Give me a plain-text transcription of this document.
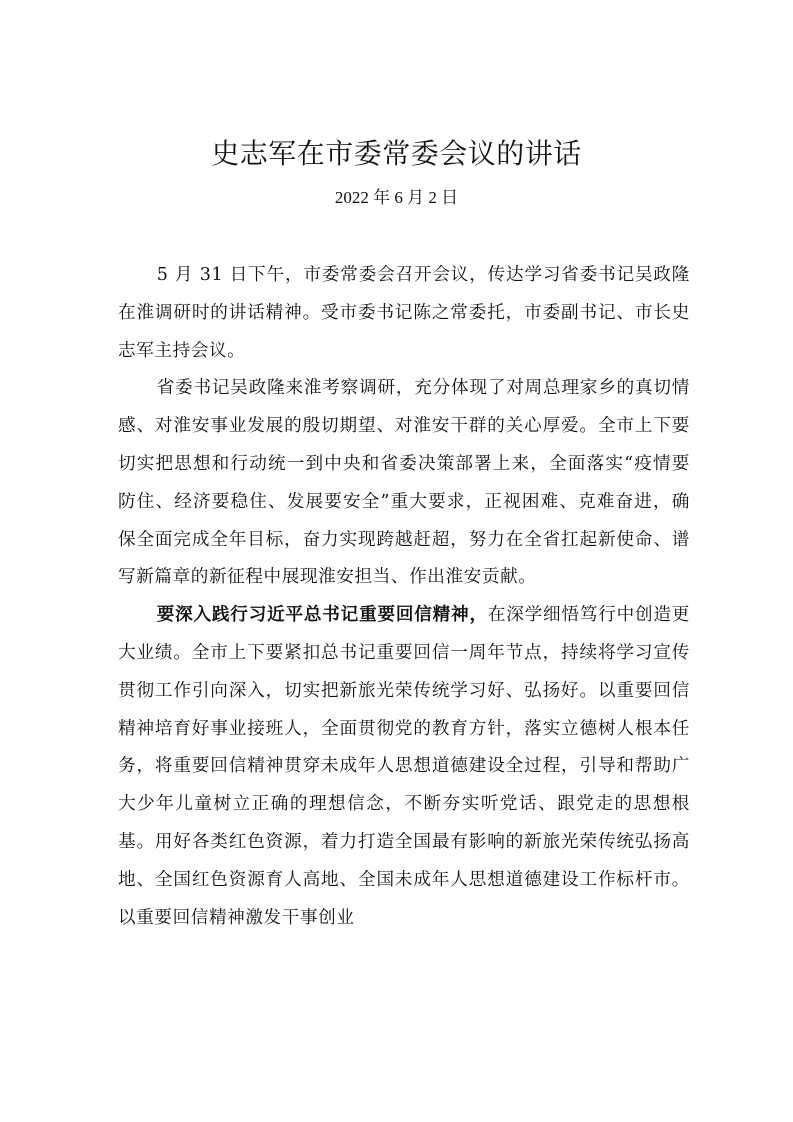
史志军在市委常委会议的讲话
2022 年 6 月 2 日

5 月 31 日下午，市委常委会召开会议，传达学习省委书记吴政隆在淮调研时的讲话精神。受市委书记陈之常委托，市委副书记、市长史志军主持会议。

省委书记吴政隆来淮考察调研，充分体现了对周总理家乡的真切情感、对淮安事业发展的殷切期望、对淮安干群的关心厚爱。全市上下要切实把思想和行动统一到中央和省委决策部署上来，全面落实“疫情要防住、经济要稳住、发展要安全”重大要求，正视困难、克难奋进，确保全面完成全年目标，奋力实现跨越赶超，努力在全省扛起新使命、谱写新篇章的新征程中展现淮安担当、作出淮安贡献。

要深入践行习近平总书记重要回信精神，在深学细悟笃行中创造更大业绩。全市上下要紧扣总书记重要回信一周年节点，持续将学习宣传贯彻工作引向深入，切实把新旅光荣传统学习好、弘扬好。以重要回信精神培育好事业接班人，全面贯彻党的教育方针，落实立德树人根本任务，将重要回信精神贯穿未成年人思想道德建设全过程，引导和帮助广大少年儿童树立正确的理想信念，不断夯实听党话、跟党走的思想根基。用好各类红色资源，着力打造全国最有影响的新旅光荣传统弘扬高地、全国红色资源育人高地、全国未成年人思想道德建设工作标杆市。以重要回信精神激发干事创业
